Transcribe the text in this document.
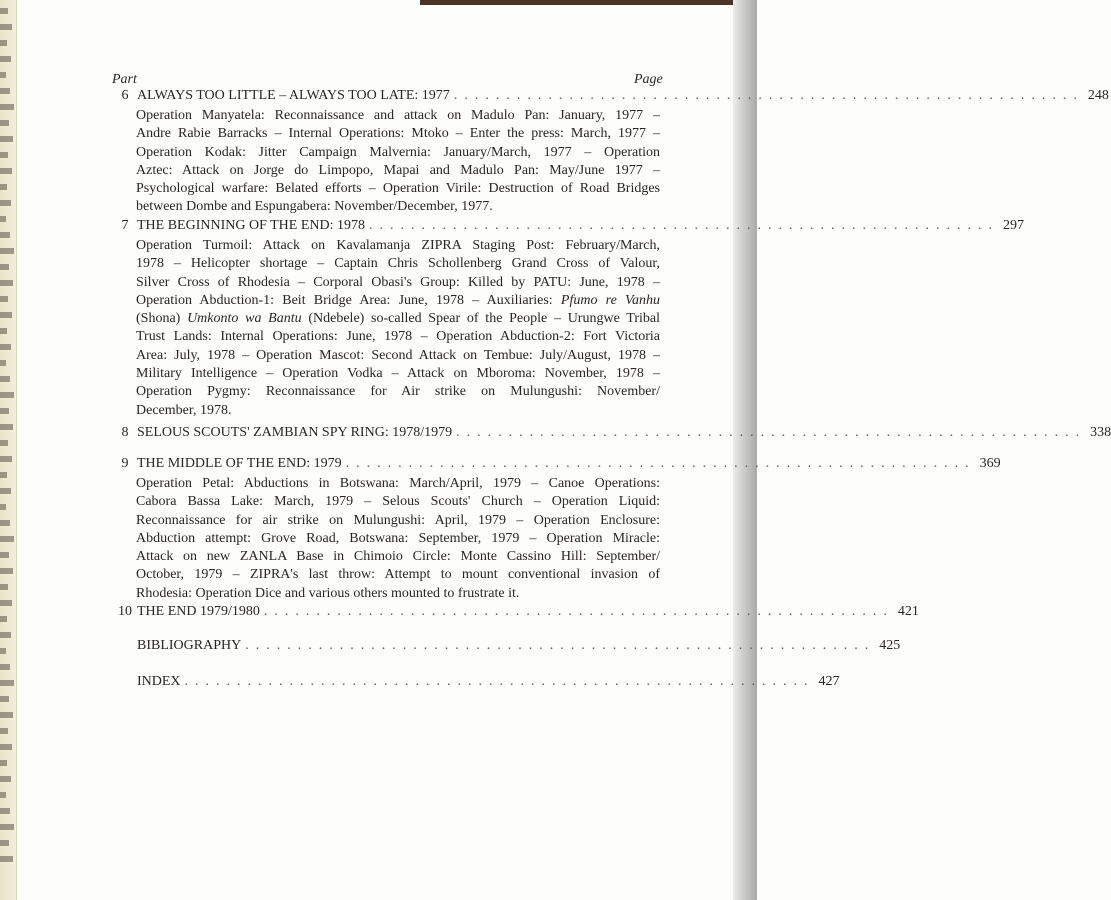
Part	Page
6 ALWAYS TOO LITTLE – ALWAYS TOO LATE: 1977 ............................................................ 248
Operation Manyatela: Reconnaissance and attack on Madulo Pan: January, 1977 –
Andre Rabie Barracks – Internal Operations: Mtoko – Enter the press: March, 1977 –
Operation Kodak: Jitter Campaign Malvernia: January/March, 1977 – Operation
Aztec: Attack on Jorge do Limpopo, Mapai and Madulo Pan: May/June 1977 –
Psychological warfare: Belated efforts – Operation Virile: Destruction of Road Bridges
between Dombe and Espungabera: November/December, 1977.
7 THE BEGINNING OF THE END: 1978 ............................................................ 297
Operation Turmoil: Attack on Kavalamanja ZIPRA Staging Post: February/March,
1978 – Helicopter shortage – Captain Chris Schollenberg Grand Cross of Valour,
Silver Cross of Rhodesia – Corporal Obasi's Group: Killed by PATU: June, 1978 –
Operation Abduction-1: Beit Bridge Area: June, 1978 – Auxiliaries: Pfumo re Vanhu
(Shona) Umkonto wa Bantu (Ndebele) so-called Spear of the People – Urungwe Tribal
Trust Lands: Internal Operations: June, 1978 – Operation Abduction-2: Fort Victoria
Area: July, 1978 – Operation Mascot: Second Attack on Tembue: July/August, 1978 –
Military Intelligence – Operation Vodka – Attack on Mboroma: November, 1978 –
Operation Pygmy: Reconnaissance for Air strike on Mulungushi: November/
December, 1978.
8 SELOUS SCOUTS' ZAMBIAN SPY RING: 1978/1979 ............................................................ 338
9 THE MIDDLE OF THE END: 1979 ............................................................ 369
Operation Petal: Abductions in Botswana: March/April, 1979 – Canoe Operations:
Cabora Bassa Lake: March, 1979 – Selous Scouts' Church – Operation Liquid:
Reconnaissance for air strike on Mulungushi: April, 1979 – Operation Enclosure:
Abduction attempt: Grove Road, Botswana: September, 1979 – Operation Miracle:
Attack on new ZANLA Base in Chimoio Circle: Monte Cassino Hill: September/
October, 1979 – ZIPRA's last throw: Attempt to mount conventional invasion of
Rhodesia: Operation Dice and various others mounted to frustrate it.
10 THE END 1979/1980 ............................................................ 421
BIBLIOGRAPHY ............................................................ 425
INDEX ............................................................ 427
